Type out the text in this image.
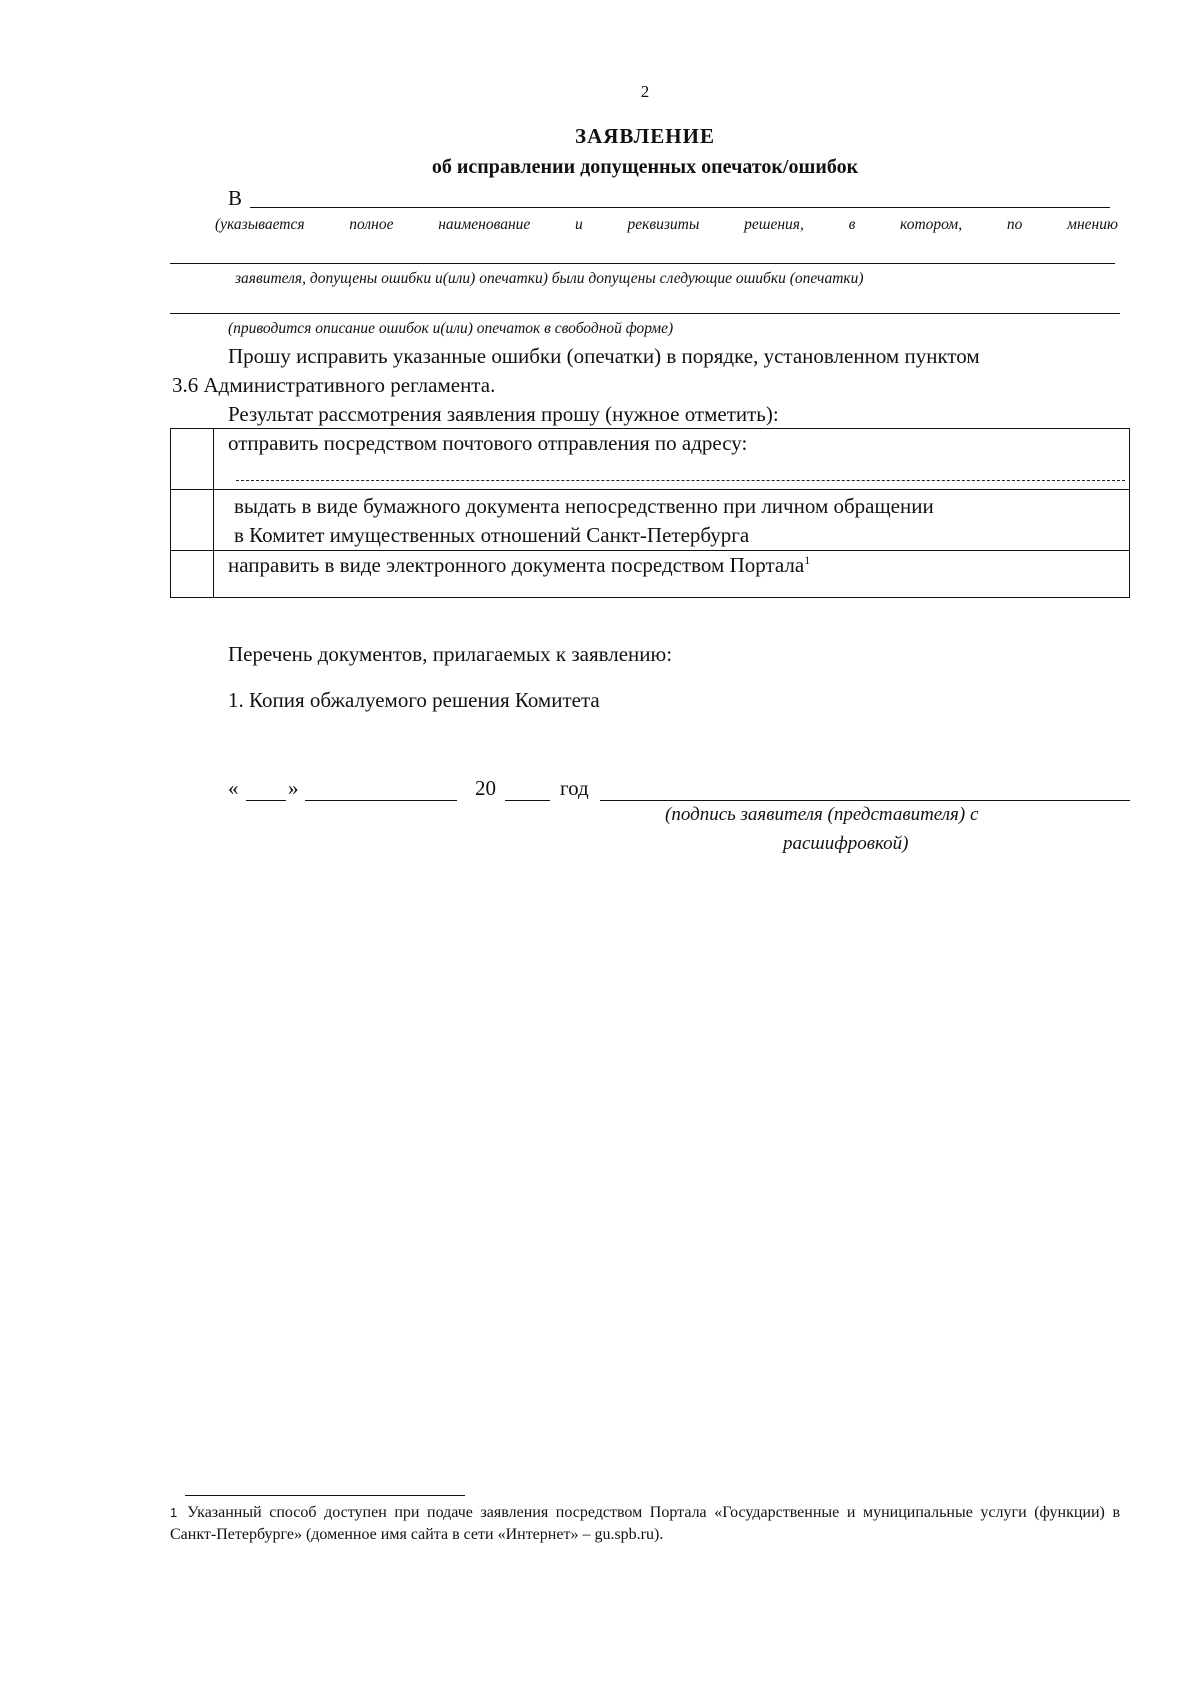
2
ЗАЯВЛЕНИЕ
об исправлении допущенных опечаток/ошибок
В
(указывается	полное	наименование	и	реквизиты	решения,	в	котором,	по	мнению
заявителя, допущены ошибки и(или) опечатки) были допущены следующие ошибки (опечатки)
(приводится описание ошибок и(или) опечаток в свободной форме)
Прошу исправить указанные ошибки (опечатки) в порядке, установленном пунктом
3.6 Административного регламента.
Результат рассмотрения заявления прошу (нужное отметить):

	отправить посредством почтового отправления по адресу:

	выдать в виде бумажного документа непосредственно при личном обращении
в Комитет имущественных отношений Санкт-Петербурга

	направить в виде электронного документа посредством Портала$^1$
Перечень документов, прилагаемых к заявлению:
1. Копия обжалуемого решения Комитета
« »	20	год
(подпись заявителя (представителя) с
расшифровкой)
$^1$ Указанный способ доступен при подаче заявления посредством Портала «Государственные и муниципальные услуги (функции) в Санкт-Петербурге» (доменное имя сайта в сети «Интернет» – gu.spb.ru).
